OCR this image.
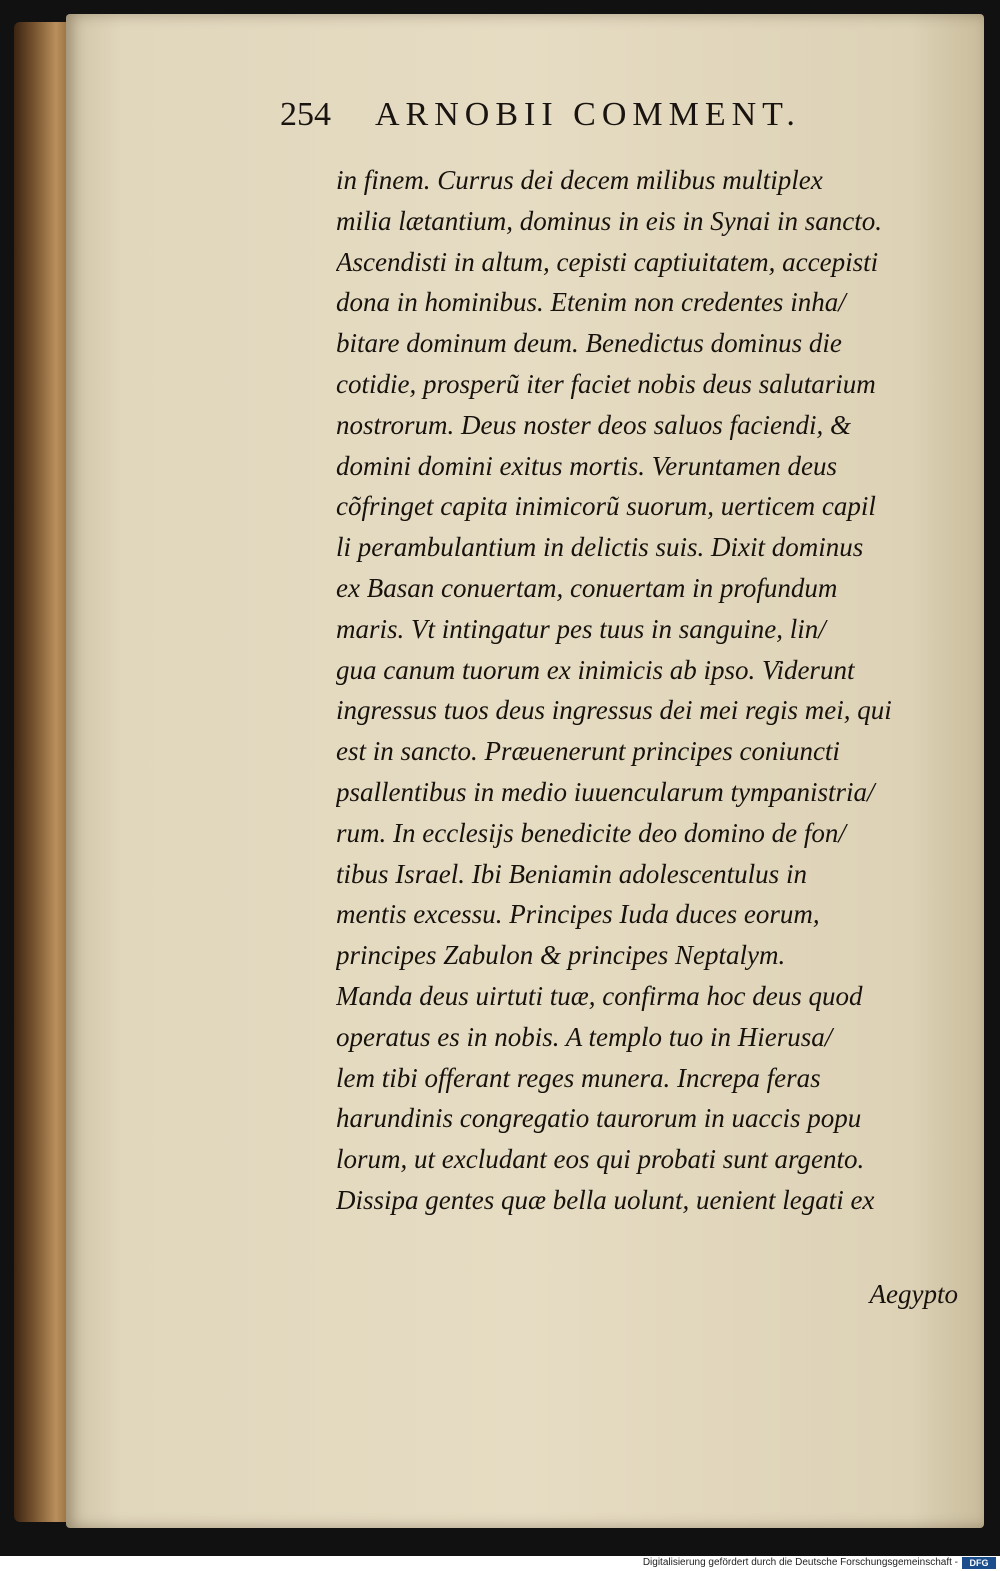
254 ARNOBII COMMENT.
in finem. Currus dei decem milibus multiplex
milia lætantium, dominus in eis in Synai in sancto.
Ascendisti in altum, cepisti captiuitatem, accepisti
dona in hominibus. Etenim non credentes inha/
bitare dominum deum. Benedictus dominus die
cotidie, prosperũ iter faciet nobis deus salutarium
nostrorum. Deus noster deos saluos faciendi, &
domini domini exitus mortis. Veruntamen deus
cõfringet capita inimicorũ suorum, uerticem capil
li perambulantium in delictis suis. Dixit dominus
ex Basan conuertam, conuertam in profundum
maris. Vt intingatur pes tuus in sanguine, lin/
gua canum tuorum ex inimicis ab ipso. Viderunt
ingressus tuos deus ingressus dei mei regis mei, qui
est in sancto. Præuenerunt principes coniuncti
psallentibus in medio iuuencularum tympanistria/
rum. In ecclesijs benedicite deo domino de fon/
tibus Israel. Ibi Beniamin adolescentulus in
mentis excessu. Principes Iuda duces eorum,
principes Zabulon & principes Neptalym.
Manda deus uirtuti tuæ, confirma hoc deus quod
operatus es in nobis. A templo tuo in Hierusa/
lem tibi offerant reges munera. Increpa feras
harundinis congregatio taurorum in uaccis popu
lorum, ut excludant eos qui probati sunt argento.
Dissipa gentes quæ bella uolunt, uenient legati ex
Aegypto
Digitalisierung gefördert durch die Deutsche Forschungsgemeinschaft -	DFG
